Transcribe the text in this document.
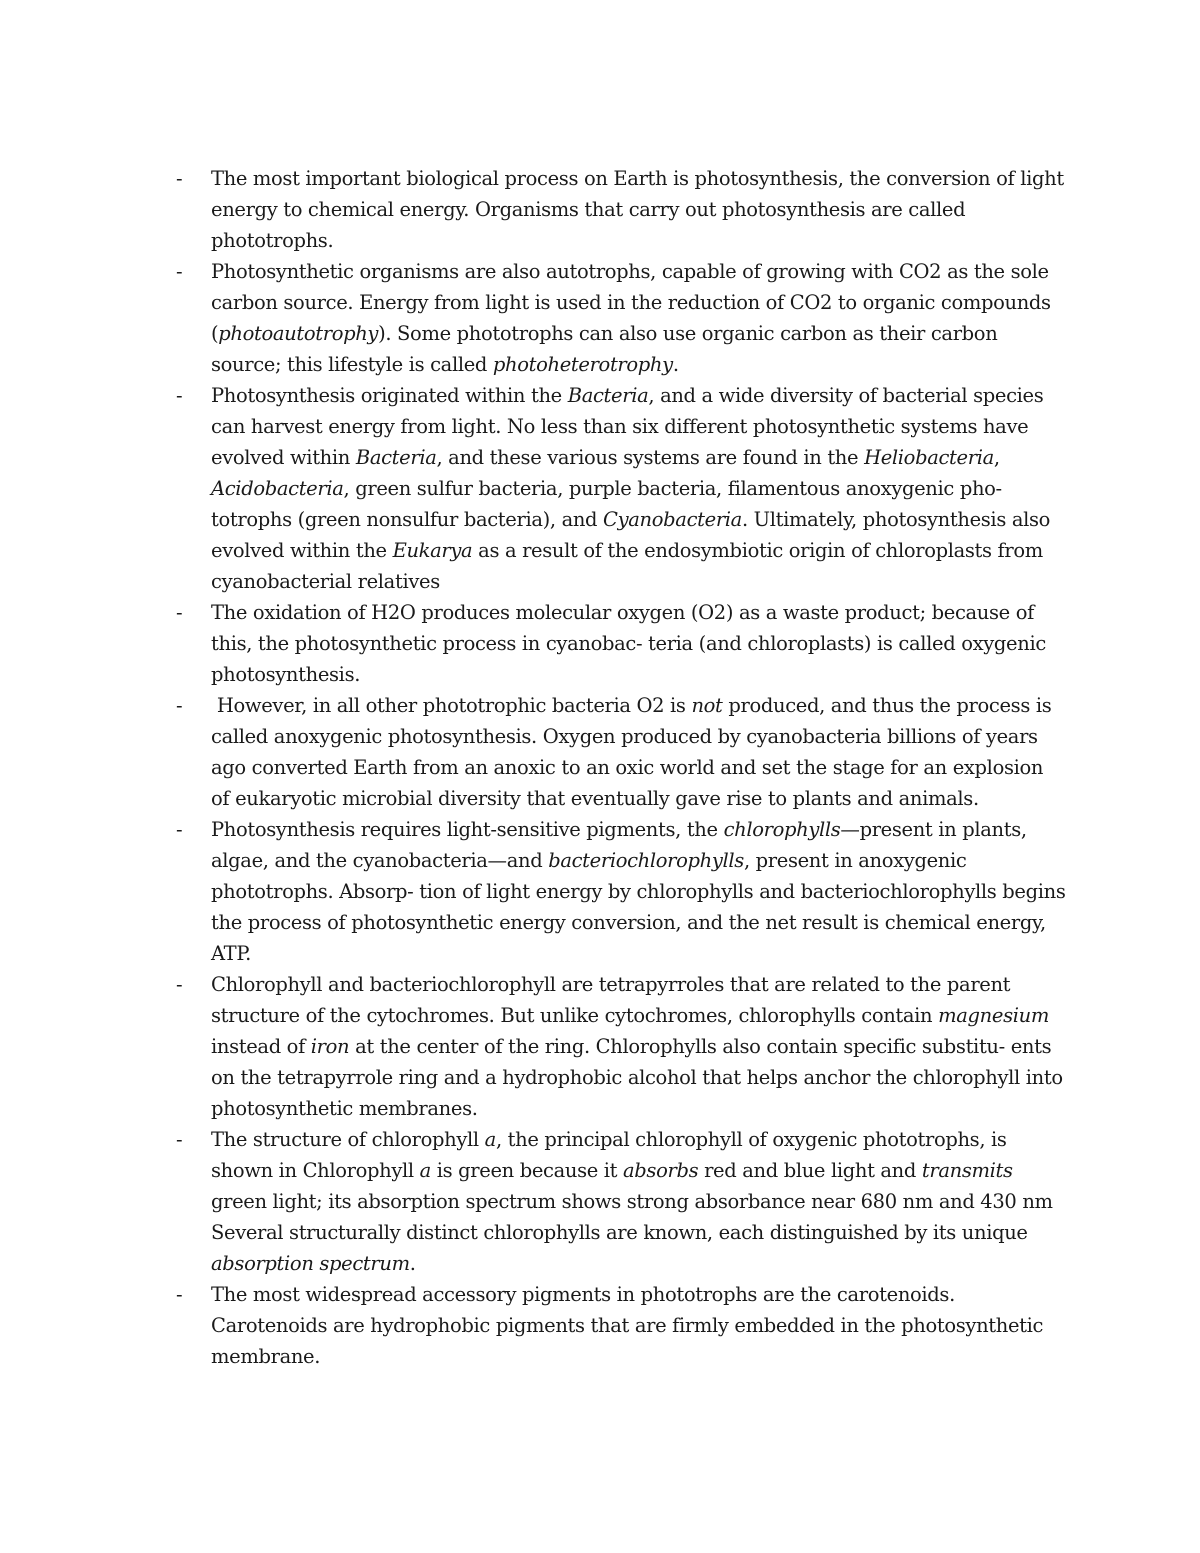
- The most important biological process on Earth is photosynthesis, the conversion of light energy to chemical energy. Organisms that carry out photosynthesis are called phototrophs.
- Photosynthetic organisms are also autotrophs, capable of growing with CO2 as the sole carbon source. Energy from light is used in the reduction of CO2 to organic compounds (photoautotrophy). Some phototrophs can also use organic carbon as their carbon source; this lifestyle is called photoheterotrophy.
- Photosynthesis originated within the Bacteria, and a wide diversity of bacterial species can harvest energy from light. No less than six different photosynthetic systems have evolved within Bacteria, and these various systems are found in the Heliobacteria, Acidobacteria, green sulfur bacteria, purple bacteria, filamentous anoxygenic pho- totrophs (green nonsulfur bacteria), and Cyanobacteria. Ultimately, photosynthesis also evolved within the Eukarya as a result of the endosymbiotic origin of chloroplasts from cyanobacterial relatives
- The oxidation of H2O produces molecular oxygen (O2) as a waste product; because of this, the photosynthetic process in cyanobac- teria (and chloroplasts) is called oxygenic photosynthesis.
- However, in all other phototrophic bacteria O2 is not produced, and thus the process is called anoxygenic photosynthesis. Oxygen produced by cyanobacteria billions of years ago converted Earth from an anoxic to an oxic world and set the stage for an explosion of eukaryotic microbial diversity that eventually gave rise to plants and animals.
- Photosynthesis requires light-sensitive pigments, the chlorophylls—present in plants, algae, and the cyanobacteria—and bacteriochlorophylls, present in anoxygenic phototrophs. Absorp- tion of light energy by chlorophylls and bacteriochlorophylls begins the process of photosynthetic energy conversion, and the net result is chemical energy, ATP.
- Chlorophyll and bacteriochlorophyll are tetrapyrroles that are related to the parent structure of the cytochromes. But unlike cytochromes, chlorophylls contain magnesium instead of iron at the center of the ring. Chlorophylls also contain specific substitu- ents on the tetrapyrrole ring and a hydrophobic alcohol that helps anchor the chlorophyll into photosynthetic membranes.
- The structure of chlorophyll a, the principal chlorophyll of oxygenic phototrophs, is shown in Chlorophyll a is green because it absorbs red and blue light and transmits green light; its absorption spectrum shows strong absorbance near 680 nm and 430 nm  Several structurally distinct chlorophylls are known, each distinguished by its unique absorption spectrum.
- The most widespread accessory pigments in phototrophs are the carotenoids. Carotenoids are hydrophobic pigments that are firmly embedded in the photosynthetic membrane.
